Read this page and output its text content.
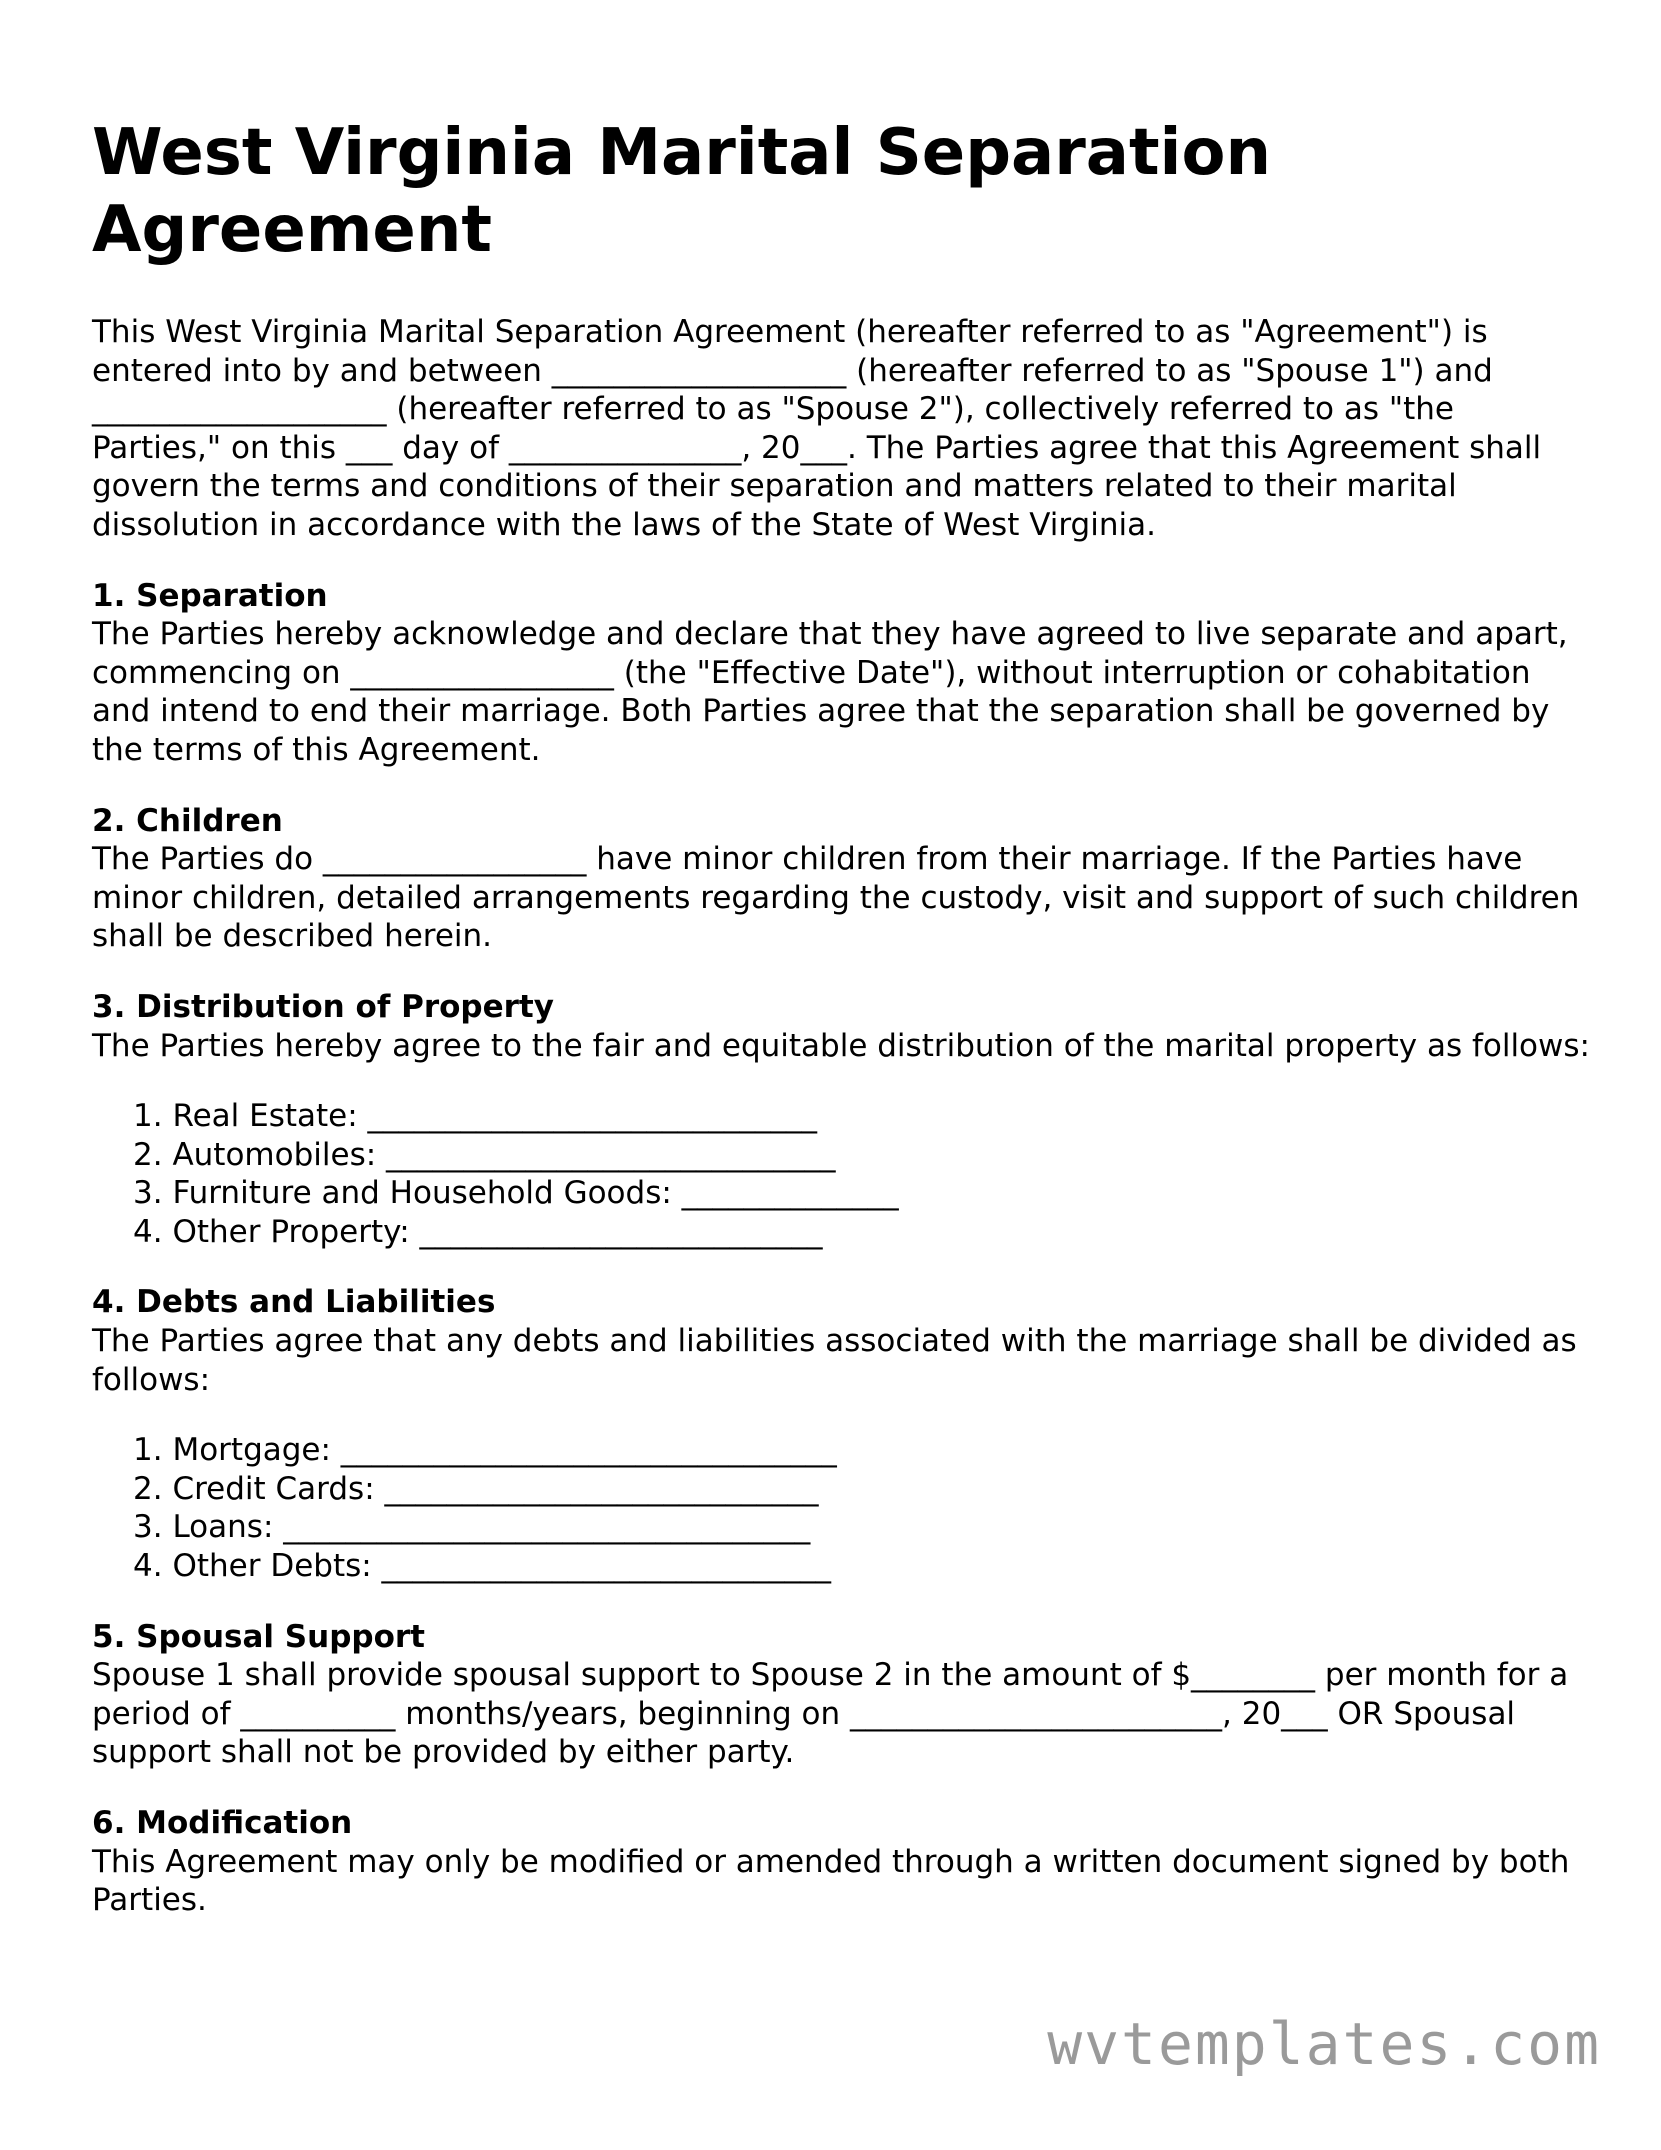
West Virginia Marital Separation Agreement

This West Virginia Marital Separation Agreement (hereafter referred to as "Agreement") is entered into by and between ___________________ (hereafter referred to as "Spouse 1") and ___________________ (hereafter referred to as "Spouse 2"), collectively referred to as "the Parties," on this ___ day of _______________, 20___. The Parties agree that this Agreement shall govern the terms and conditions of their separation and matters related to their marital dissolution in accordance with the laws of the State of West Virginia.

1. Separation

The Parties hereby acknowledge and declare that they have agreed to live separate and apart, commencing on _________________ (the "Effective Date"), without interruption or cohabitation and intend to end their marriage. Both Parties agree that the separation shall be governed by the terms of this Agreement.

2. Children

The Parties do _________________ have minor children from their marriage. If the Parties have minor children, detailed arrangements regarding the custody, visit and support of such children shall be described herein.

3. Distribution of Property

The Parties hereby agree to the fair and equitable distribution of the marital property as follows:

Real Estate: _____________________________
Automobiles: _____________________________
Furniture and Household Goods: ______________
Other Property: __________________________

4. Debts and Liabilities

The Parties agree that any debts and liabilities associated with the marriage shall be divided as follows:

Mortgage: ________________________________
Credit Cards: ____________________________
Loans: __________________________________
Other Debts: _____________________________

5. Spousal Support

Spouse 1 shall provide spousal support to Spouse 2 in the amount of $________ per month for a period of __________ months/years, beginning on ________________________, 20___ OR Spousal support shall not be provided by either party.

6. Modification

This Agreement may only be modified or amended through a written document signed by both Parties.

wvtemplates.com
